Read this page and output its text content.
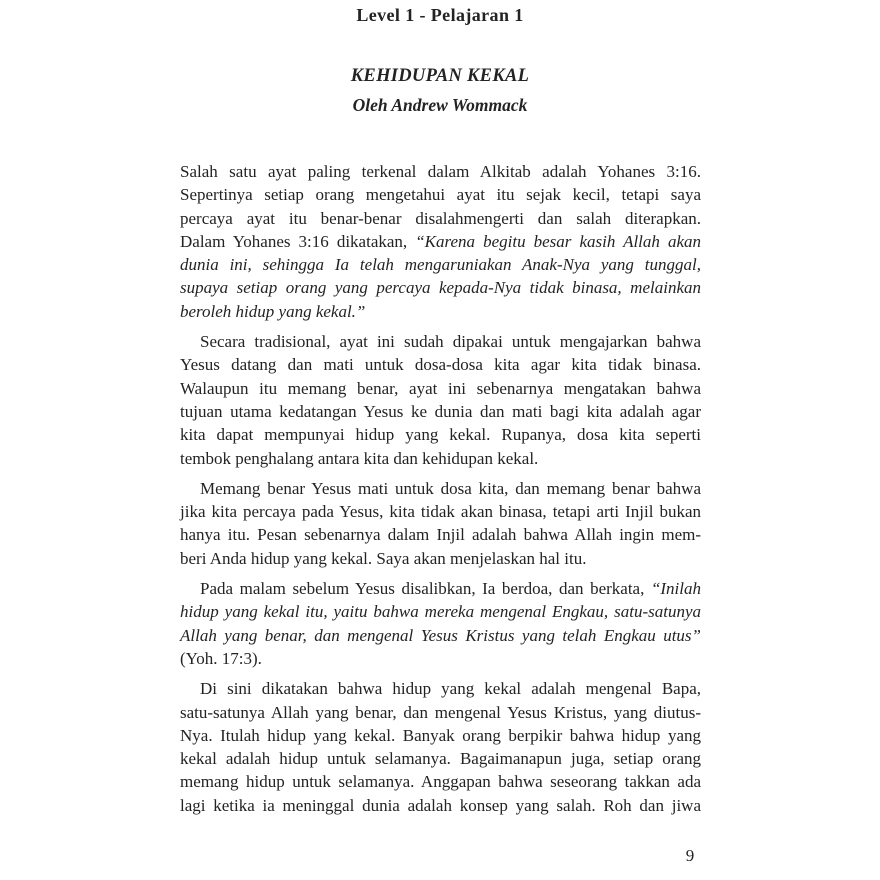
Level 1 - Pelajaran 1
KEHIDUPAN KEKAL
Oleh Andrew Wommack
Salah satu ayat paling terkenal dalam Alkitab adalah Yohanes 3:16.
Sepertinya setiap orang mengetahui ayat itu sejak kecil, tetapi saya
percaya ayat itu benar-benar disalahmengerti dan salah diterapkan.
Dalam Yohanes 3:16 dikatakan, “Karena begitu besar kasih Allah akan
dunia ini, sehingga Ia telah mengaruniakan Anak-Nya yang tunggal,
supaya setiap orang yang percaya kepada-Nya tidak binasa, melainkan
beroleh hidup yang kekal.”
Secara tradisional, ayat ini sudah dipakai untuk mengajarkan bahwa
Yesus datang dan mati untuk dosa-dosa kita agar kita tidak binasa.
Walaupun itu memang benar, ayat ini sebenarnya mengatakan bahwa
tujuan utama kedatangan Yesus ke dunia dan mati bagi kita adalah agar
kita dapat mempunyai hidup yang kekal. Rupanya, dosa kita seperti
tembok penghalang antara kita dan kehidupan kekal.
Memang benar Yesus mati untuk dosa kita, dan memang benar bahwa
jika kita percaya pada Yesus, kita tidak akan binasa, tetapi arti Injil bukan
hanya itu. Pesan sebenarnya dalam Injil adalah bahwa Allah ingin mem-
beri Anda hidup yang kekal. Saya akan menjelaskan hal itu.
Pada malam sebelum Yesus disalibkan, Ia berdoa, dan berkata, “Inilah
hidup yang kekal itu, yaitu bahwa mereka mengenal Engkau, satu-satunya
Allah yang benar, dan mengenal Yesus Kristus yang telah Engkau utus”
(Yoh. 17:3).
Di sini dikatakan bahwa hidup yang kekal adalah mengenal Bapa,
satu-satunya Allah yang benar, dan mengenal Yesus Kristus, yang diutus-
Nya. Itulah hidup yang kekal. Banyak orang berpikir bahwa hidup yang
kekal adalah hidup untuk selamanya. Bagaimanapun juga, setiap orang
memang hidup untuk selamanya. Anggapan bahwa seseorang takkan ada
lagi ketika ia meninggal dunia adalah konsep yang salah. Roh dan jiwa
9
